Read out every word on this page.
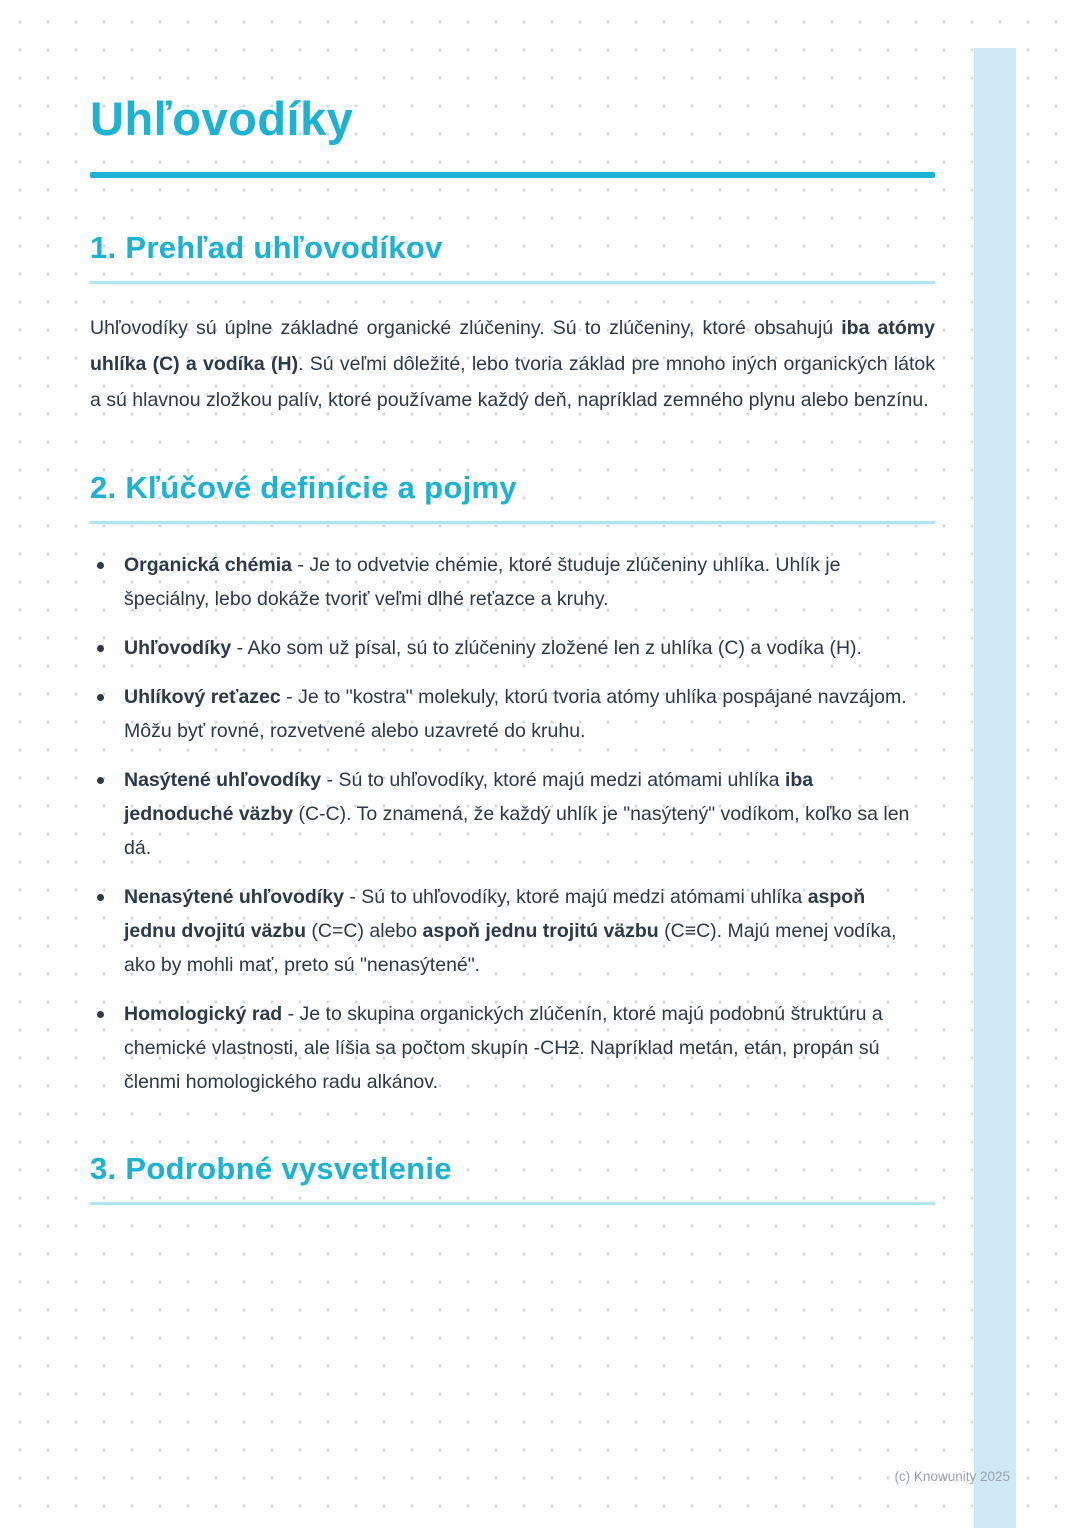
Uhľovodíky
1. Prehľad uhľovodíkov

Uhľovodíky sú úplne základné organické zlúčeniny. Sú to zlúčeniny, ktoré obsahujú iba atómy uhlíka (C) a vodíka (H). Sú veľmi dôležité, lebo tvoria základ pre mnoho iných organických látok a sú hlavnou zložkou palív, ktoré používame každý deň, napríklad zemného plynu alebo benzínu.

2. Kľúčové definície a pojmy
Organická chémia - Je to odvetvie chémie, ktoré študuje zlúčeniny uhlíka. Uhlík je špeciálny, lebo dokáže tvoriť veľmi dlhé reťazce a kruhy.
Uhľovodíky - Ako som už písal, sú to zlúčeniny zložené len z uhlíka (C) a vodíka (H).
Uhlíkový reťazec - Je to "kostra" molekuly, ktorú tvoria atómy uhlíka pospájané navzájom. Môžu byť rovné, rozvetvené alebo uzavreté do kruhu.
Nasýtené uhľovodíky - Sú to uhľovodíky, ktoré majú medzi atómami uhlíka iba jednoduché väzby (C-C). To znamená, že každý uhlík je "nasýtený" vodíkom, koľko sa len dá.
Nenasýtené uhľovodíky - Sú to uhľovodíky, ktoré majú medzi atómami uhlíka aspoň jednu dvojitú väzbu (C=C) alebo aspoň jednu trojitú väzbu (C≡C). Majú menej vodíka, ako by mohli mať, preto sú "nenasýtené".
Homologický rad - Je to skupina organických zlúčenín, ktoré majú podobnú štruktúru a chemické vlastnosti, ale líšia sa počtom skupín -CH2. Napríklad metán, etán, propán sú členmi homologického radu alkánov.
3. Podrobné vysvetlenie
(c) Knowunity 2025
